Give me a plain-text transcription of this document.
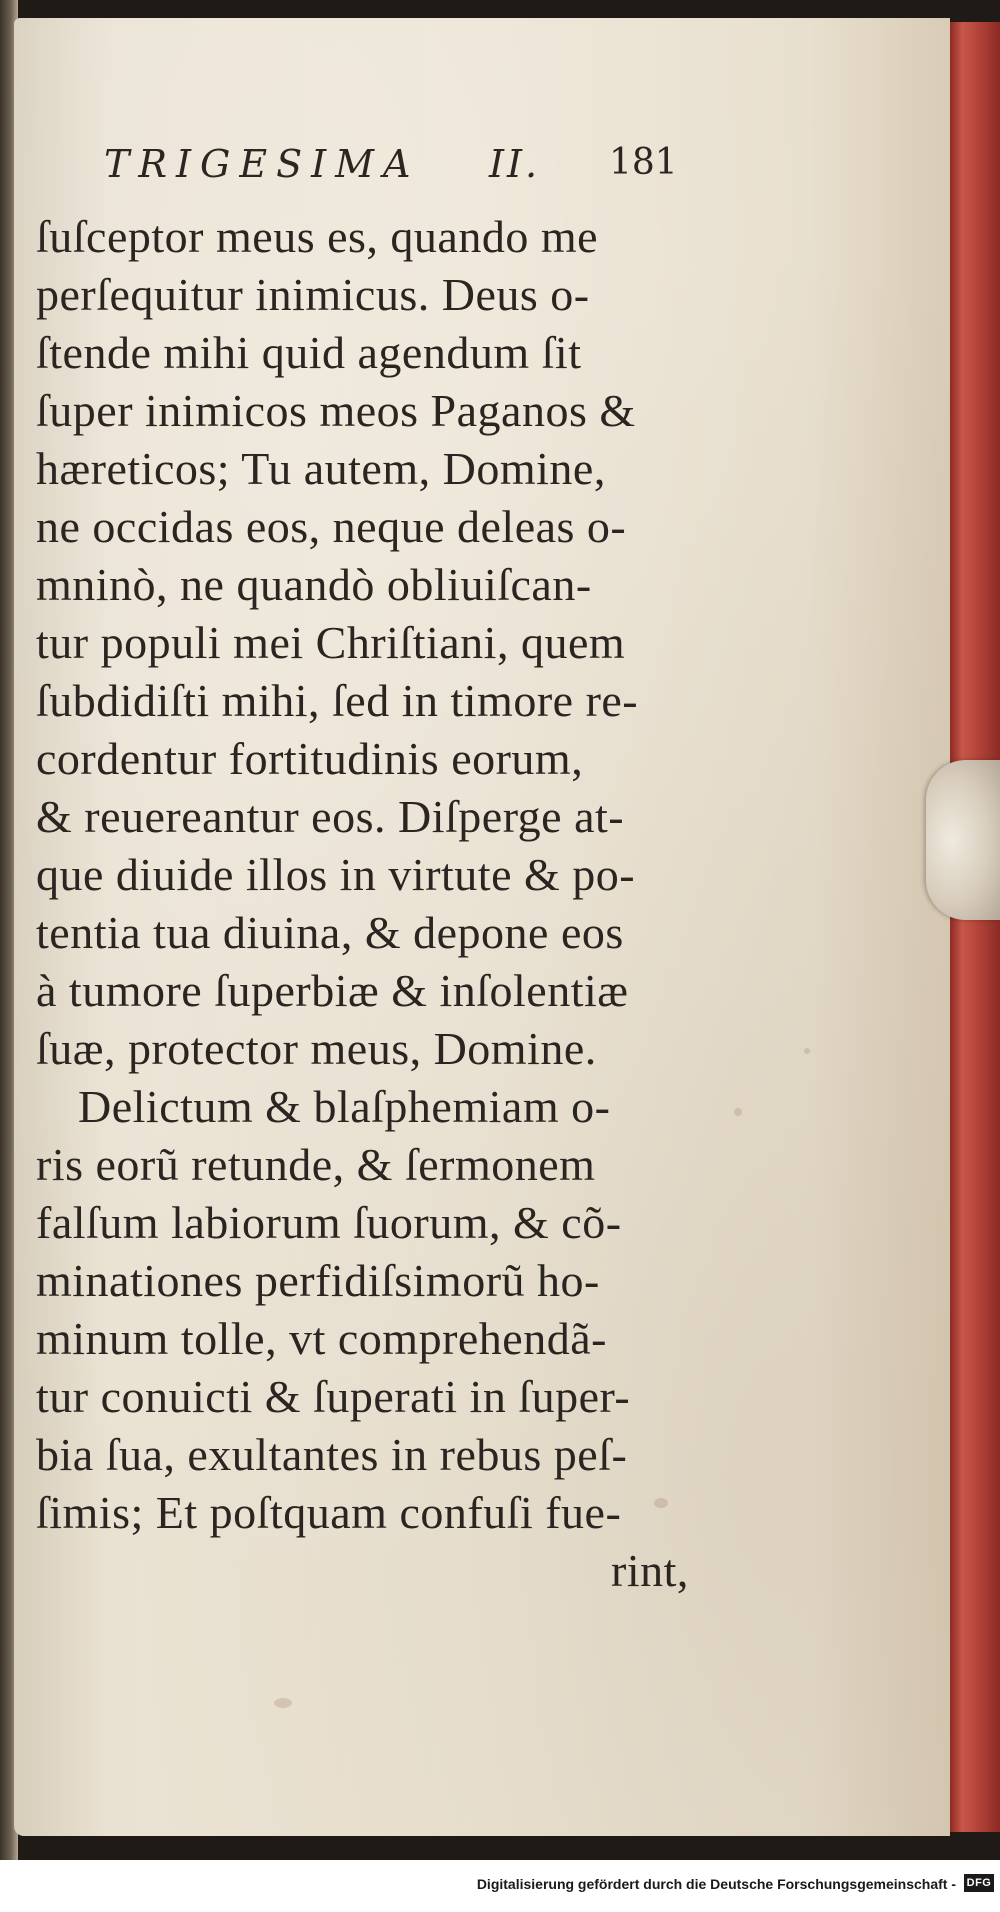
TRIGESIMA II. 181
ſuſceptor meus es, quando me
perſequitur inimicus. Deus o-
ſtende mihi quid agendum ſit
ſuper inimicos meos Paganos &
hæreticos; Tu autem, Domine,
ne occidas eos, neque deleas o-
mninò, ne quandò obliuiſcan-
tur populi mei Chriſtiani, quem
ſubdidiſti mihi, ſed in timore re-
cordentur fortitudinis eorum,
& reuereantur eos. Diſperge at-
que diuide illos in virtute & po-
tentia tua diuina, & depone eos
à tumore ſuperbiæ & inſolentiæ
ſuæ, protector meus, Domine.
Delictum & blaſphemiam o-
ris eorũ retunde, & ſermonem
falſum labiorum ſuorum, & cõ-
minationes perfidiſsimorũ ho-
minum tolle, vt comprehendã-
tur conuicti & ſuperati in ſuper-
bia ſua, exultantes in rebus peſ-
ſimis; Et poſtquam confuſi fue-
rint,
Digitalisierung gefördert durch die Deutsche Forschungsgemeinschaft - DFG
